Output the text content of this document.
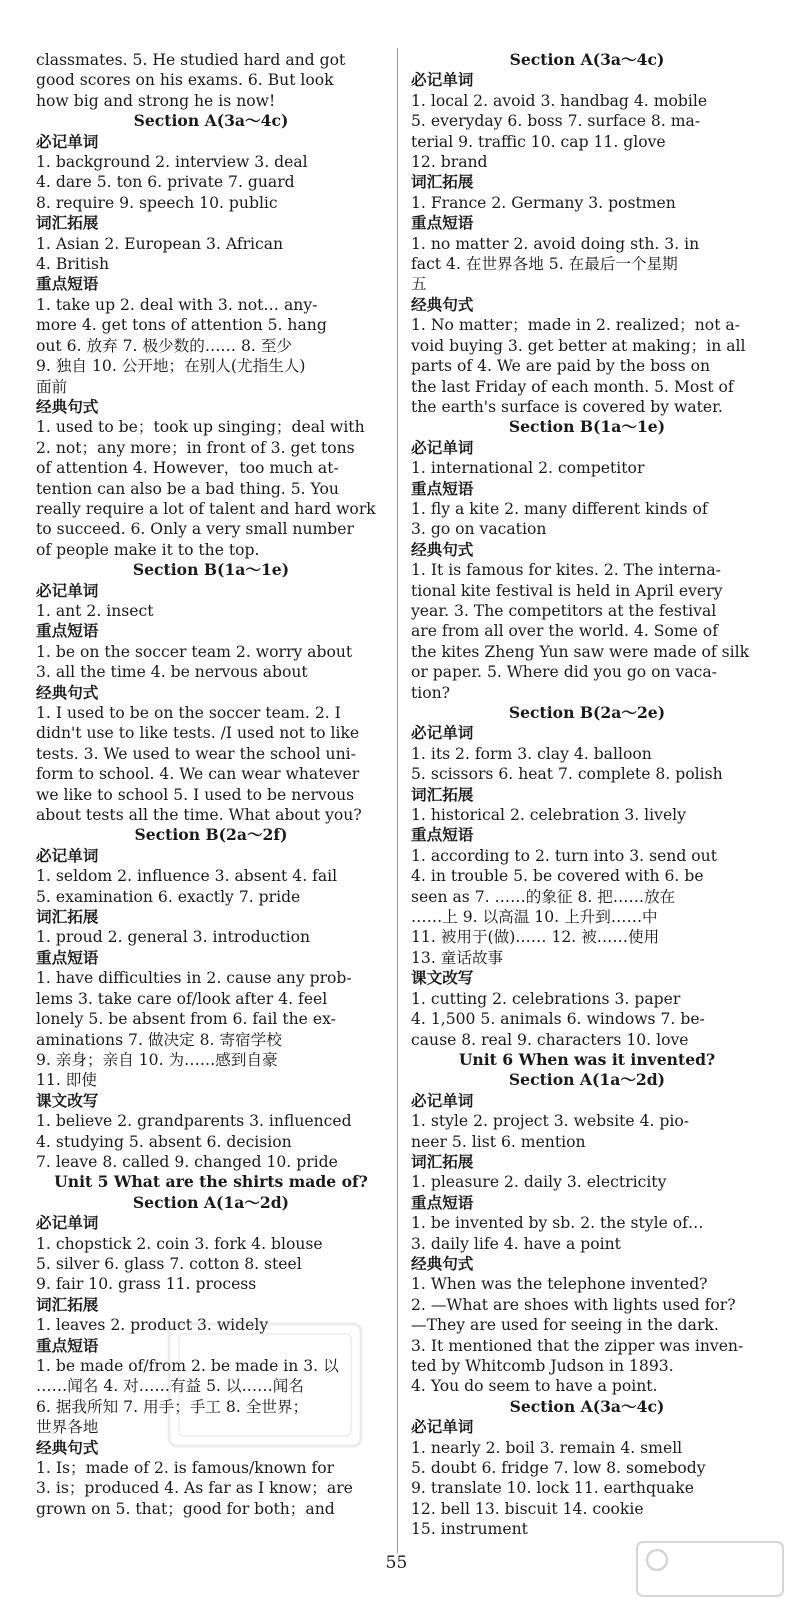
classmates. 5. He studied hard and got

good scores on his exams. 6. But look

how big and strong he is now!

Section A(3a～4c)

必记单词

1. background 2. interview 3. deal

4. dare 5. ton 6. private 7. guard

8. require 9. speech 10. public

词汇拓展

1. Asian 2. European 3. African

4. British

重点短语

1. take up 2. deal with 3. not… any-

more 4. get tons of attention 5. hang

out 6. 放弃 7. 极少数的…… 8. 至少

9. 独自 10. 公开地；在别人(尤指生人)

面前

经典句式

1. used to be；took up singing；deal with

2. not；any more；in front of 3. get tons

of attention 4. However，too much at-

tention can also be a bad thing. 5. You

really require a lot of talent and hard work

to succeed. 6. Only a very small number

of people make it to the top.

Section B(1a～1e)

必记单词

1. ant 2. insect

重点短语

1. be on the soccer team 2. worry about

3. all the time 4. be nervous about

经典句式

1. I used to be on the soccer team. 2. I

didn't use to like tests. /I used not to like

tests. 3. We used to wear the school uni-

form to school. 4. We can wear whatever

we like to school 5. I used to be nervous

about tests all the time. What about you?

Section B(2a～2f)

必记单词

1. seldom 2. influence 3. absent 4. fail

5. examination 6. exactly 7. pride

词汇拓展

1. proud 2. general 3. introduction

重点短语

1. have difficulties in 2. cause any prob-

lems 3. take care of/look after 4. feel

lonely 5. be absent from 6. fail the ex-

aminations 7. 做决定 8. 寄宿学校

9. 亲身；亲自 10. 为……感到自豪

11. 即使

课文改写

1. believe 2. grandparents 3. influenced

4. studying 5. absent 6. decision

7. leave 8. called 9. changed 10. pride

Unit 5 What are the shirts made of?

Section A(1a～2d)

必记单词

1. chopstick 2. coin 3. fork 4. blouse

5. silver 6. glass 7. cotton 8. steel

9. fair 10. grass 11. process

词汇拓展

1. leaves 2. product 3. widely

重点短语

1. be made of/from 2. be made in 3. 以

……闻名 4. 对……有益 5. 以……闻名

6. 据我所知 7. 用手；手工 8. 全世界；

世界各地

经典句式

1. Is；made of 2. is famous/known for

3. is；produced 4. As far as I know；are

grown on 5. that；good for both；and

Section A(3a～4c)

必记单词

1. local 2. avoid 3. handbag 4. mobile

5. everyday 6. boss 7. surface 8. ma-

terial 9. traffic 10. cap 11. glove

12. brand

词汇拓展

1. France 2. Germany 3. postmen

重点短语

1. no matter 2. avoid doing sth. 3. in

fact 4. 在世界各地 5. 在最后一个星期

五

经典句式

1. No matter；made in 2. realized；not a-

void buying 3. get better at making；in all

parts of 4. We are paid by the boss on

the last Friday of each month. 5. Most of

the earth's surface is covered by water.

Section B(1a～1e)

必记单词

1. international 2. competitor

重点短语

1. fly a kite 2. many different kinds of

3. go on vacation

经典句式

1. It is famous for kites. 2. The interna-

tional kite festival is held in April every

year. 3. The competitors at the festival

are from all over the world. 4. Some of

the kites Zheng Yun saw were made of silk

or paper. 5. Where did you go on vaca-

tion?

Section B(2a～2e)

必记单词

1. its 2. form 3. clay 4. balloon

5. scissors 6. heat 7. complete 8. polish

词汇拓展

1. historical 2. celebration 3. lively

重点短语

1. according to 2. turn into 3. send out

4. in trouble 5. be covered with 6. be

seen as 7. ……的象征 8. 把……放在

……上 9. 以高温 10. 上升到……中

11. 被用于(做)…… 12. 被……使用

13. 童话故事

课文改写

1. cutting 2. celebrations 3. paper

4. 1,500 5. animals 6. windows 7. be-

cause 8. real 9. characters 10. love

Unit 6 When was it invented?

Section A(1a～2d)

必记单词

1. style 2. project 3. website 4. pio-

neer 5. list 6. mention

词汇拓展

1. pleasure 2. daily 3. electricity

重点短语

1. be invented by sb. 2. the style of…

3. daily life 4. have a point

经典句式

1. When was the telephone invented?

2. —What are shoes with lights used for?

—They are used for seeing in the dark.

3. It mentioned that the zipper was inven-

ted by Whitcomb Judson in 1893.

4. You do seem to have a point.

Section A(3a～4c)

必记单词

1. nearly 2. boil 3. remain 4. smell

5. doubt 6. fridge 7. low 8. somebody

9. translate 10. lock 11. earthquake

12. bell 13. biscuit 14. cookie

15. instrument

55
